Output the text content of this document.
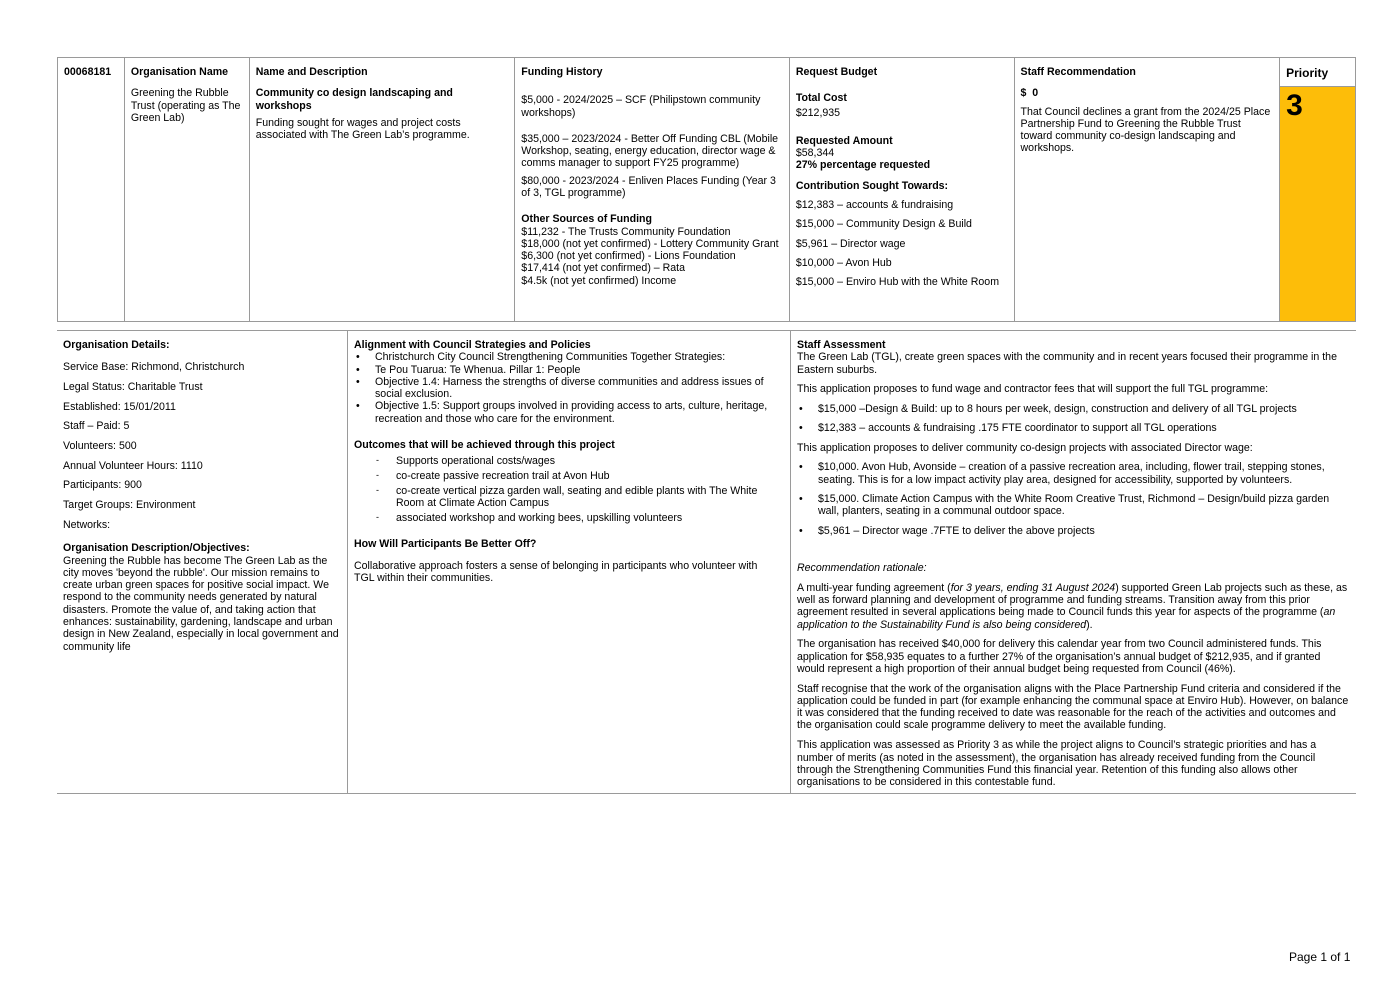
00068181	Organisation Name

Greening the Rubble Trust (operating as The Green Lab)

Name and Description

Community co design landscaping and workshops

Funding sought for wages and project costs associated with The Green Lab’s programme.

Funding History

$5,000 - 2024/2025 – SCF (Philipstown community workshops)

$35,000 – 2023/2024 - Better Off Funding CBL (Mobile Workshop, seating, energy education, director wage & comms manager to support FY25 programme)

$80,000 - 2023/2024 - Enliven Places Funding (Year 3 of 3, TGL programme)

Other Sources of Funding

$11,232 - The Trusts Community Foundation

$18,000 (not yet confirmed) - Lottery Community Grant

$6,300 (not yet confirmed) - Lions Foundation

$17,414 (not yet confirmed) – Rata

$4.5k (not yet confirmed) Income

Request Budget

Total Cost

$212,935

Requested Amount

$58,344

27% percentage requested

Contribution Sought Towards:

$12,383 – accounts & fundraising

$15,000 – Community Design & Build

$5,961 – Director wage

$10,000 – Avon Hub

$15,000 – Enviro Hub with the White Room

Staff Recommendation

$  0

That Council declines a grant from the 2024/25 Place Partnership Fund to Greening the Rubble Trust toward community co-design landscaping and workshops.

Priority
3

Organisation Details:

Service Base: Richmond, Christchurch

Legal Status: Charitable Trust

Established: 15/01/2011

Staff – Paid: 5

Volunteers: 500

Annual Volunteer Hours: 1110

Participants: 900

Target Groups: Environment

Networks:

Organisation Description/Objectives:

Greening the Rubble has become The Green Lab as the city moves 'beyond the rubble'. Our mission remains to create urban green spaces for positive social impact. We respond to the community needs generated by natural disasters. Promote the value of, and taking action that enhances: sustainability, gardening, landscape and urban design in New Zealand, especially in local government and community life

Alignment with Council Strategies and Policies

• Christchurch City Council Strengthening Communities Together Strategies:
• Te Pou Tuarua: Te Whenua. Pillar 1: People
• Objective 1.4: Harness the strengths of diverse communities and address issues of social exclusion.
• Objective 1.5: Support groups involved in providing access to arts, culture, heritage, recreation and those who care for the environment.

Outcomes that will be achieved through this project

- Supports operational costs/wages
- co-create passive recreation trail at Avon Hub
- co-create vertical pizza garden wall, seating and edible plants with The White Room at Climate Action Campus
- associated workshop and working bees, upskilling volunteers

How Will Participants Be Better Off?

Collaborative approach fosters a sense of belonging in participants who volunteer with TGL within their communities.

Staff Assessment

The Green Lab (TGL), create green spaces with the community and in recent years focused their programme in the Eastern suburbs.

This application proposes to fund wage and contractor fees that will support the full TGL programme:

• $15,000 –Design & Build: up to 8 hours per week, design, construction and delivery of all TGL projects
• $12,383 – accounts & fundraising .175 FTE coordinator to support all TGL operations

This application proposes to deliver community co-design projects with associated Director wage:

• $10,000. Avon Hub, Avonside – creation of a passive recreation area, including, flower trail, stepping stones, seating. This is for a low impact activity play area, designed for accessibility, supported by volunteers.
• $15,000. Climate Action Campus with the White Room Creative Trust, Richmond – Design/build pizza garden wall, planters, seating in a communal outdoor space.
• $5,961 – Director wage .7FTE to deliver the above projects

Recommendation rationale:

A multi-year funding agreement (for 3 years, ending 31 August 2024) supported Green Lab projects such as these, as well as forward planning and development of programme and funding streams. Transition away from this prior agreement resulted in several applications being made to Council funds this year for aspects of the programme (an application to the Sustainability Fund is also being considered).

The organisation has received $40,000 for delivery this calendar year from two Council administered funds. This application for $58,935 equates to a further 27% of the organisation’s annual budget of $212,935, and if granted would represent a high proportion of their annual budget being requested from Council (46%).

Staff recognise that the work of the organisation aligns with the Place Partnership Fund criteria and considered if the application could be funded in part (for example enhancing the communal space at Enviro Hub). However, on balance it was considered that the funding received to date was reasonable for the reach of the activities and outcomes and the organisation could scale programme delivery to meet the available funding.

This application was assessed as Priority 3 as while the project aligns to Council’s strategic priorities and has a number of merits (as noted in the assessment), the organisation has already received funding from the Council through the Strengthening Communities Fund this financial year. Retention of this funding also allows other organisations to be considered in this contestable fund.

Page 1 of 1
